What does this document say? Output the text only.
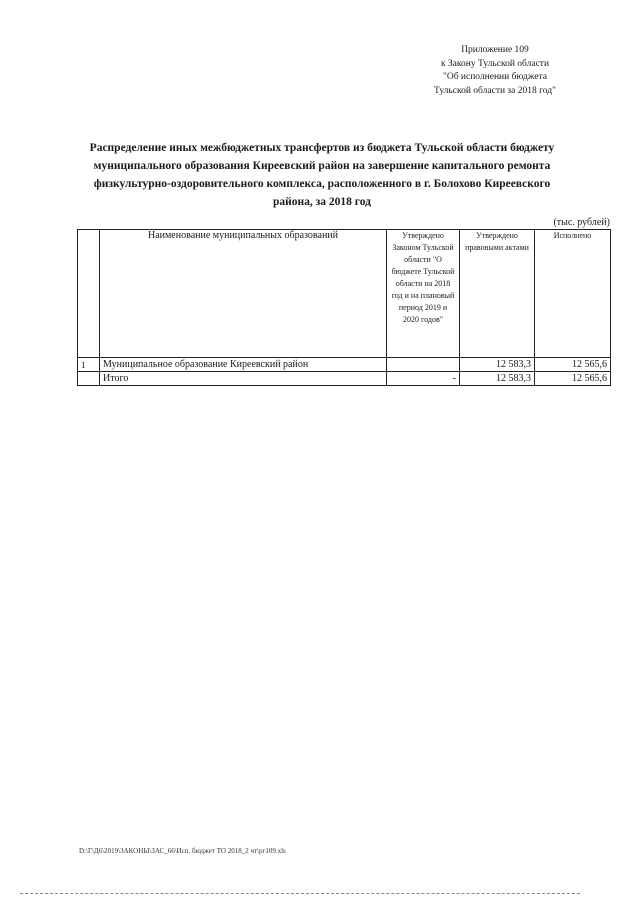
Приложение 109
к Закону Тульской области
"Об исполнении бюджета
Тульской области за 2018 год"
Распределение иных межбюджетных трансфертов из бюджета Тульской области бюджету
муниципального образования Киреевский район на завершение капитального ремонта
физкультурно-оздоровительного комплекса, расположенного в г. Болохово Киреевского
района, за 2018 год
(тыс. рублей)
	Наименование муниципальных образований	Утверждено Законом Тульской области "О бюджете Тульской области на 2018 год и на плановый период 2019 и 2020 годов"	Утверждено правовыми актами	Исполнено
1	Муниципальное образование Киреевский район		12 583,3	12 565,6
	Итого	-	12 583,3	12 565,6
D:\Г\Д6\2019\ЗАКОНЫ\ЗАС_66\Исп. бюджет ТО 2018_2 чт\рг109.xls
